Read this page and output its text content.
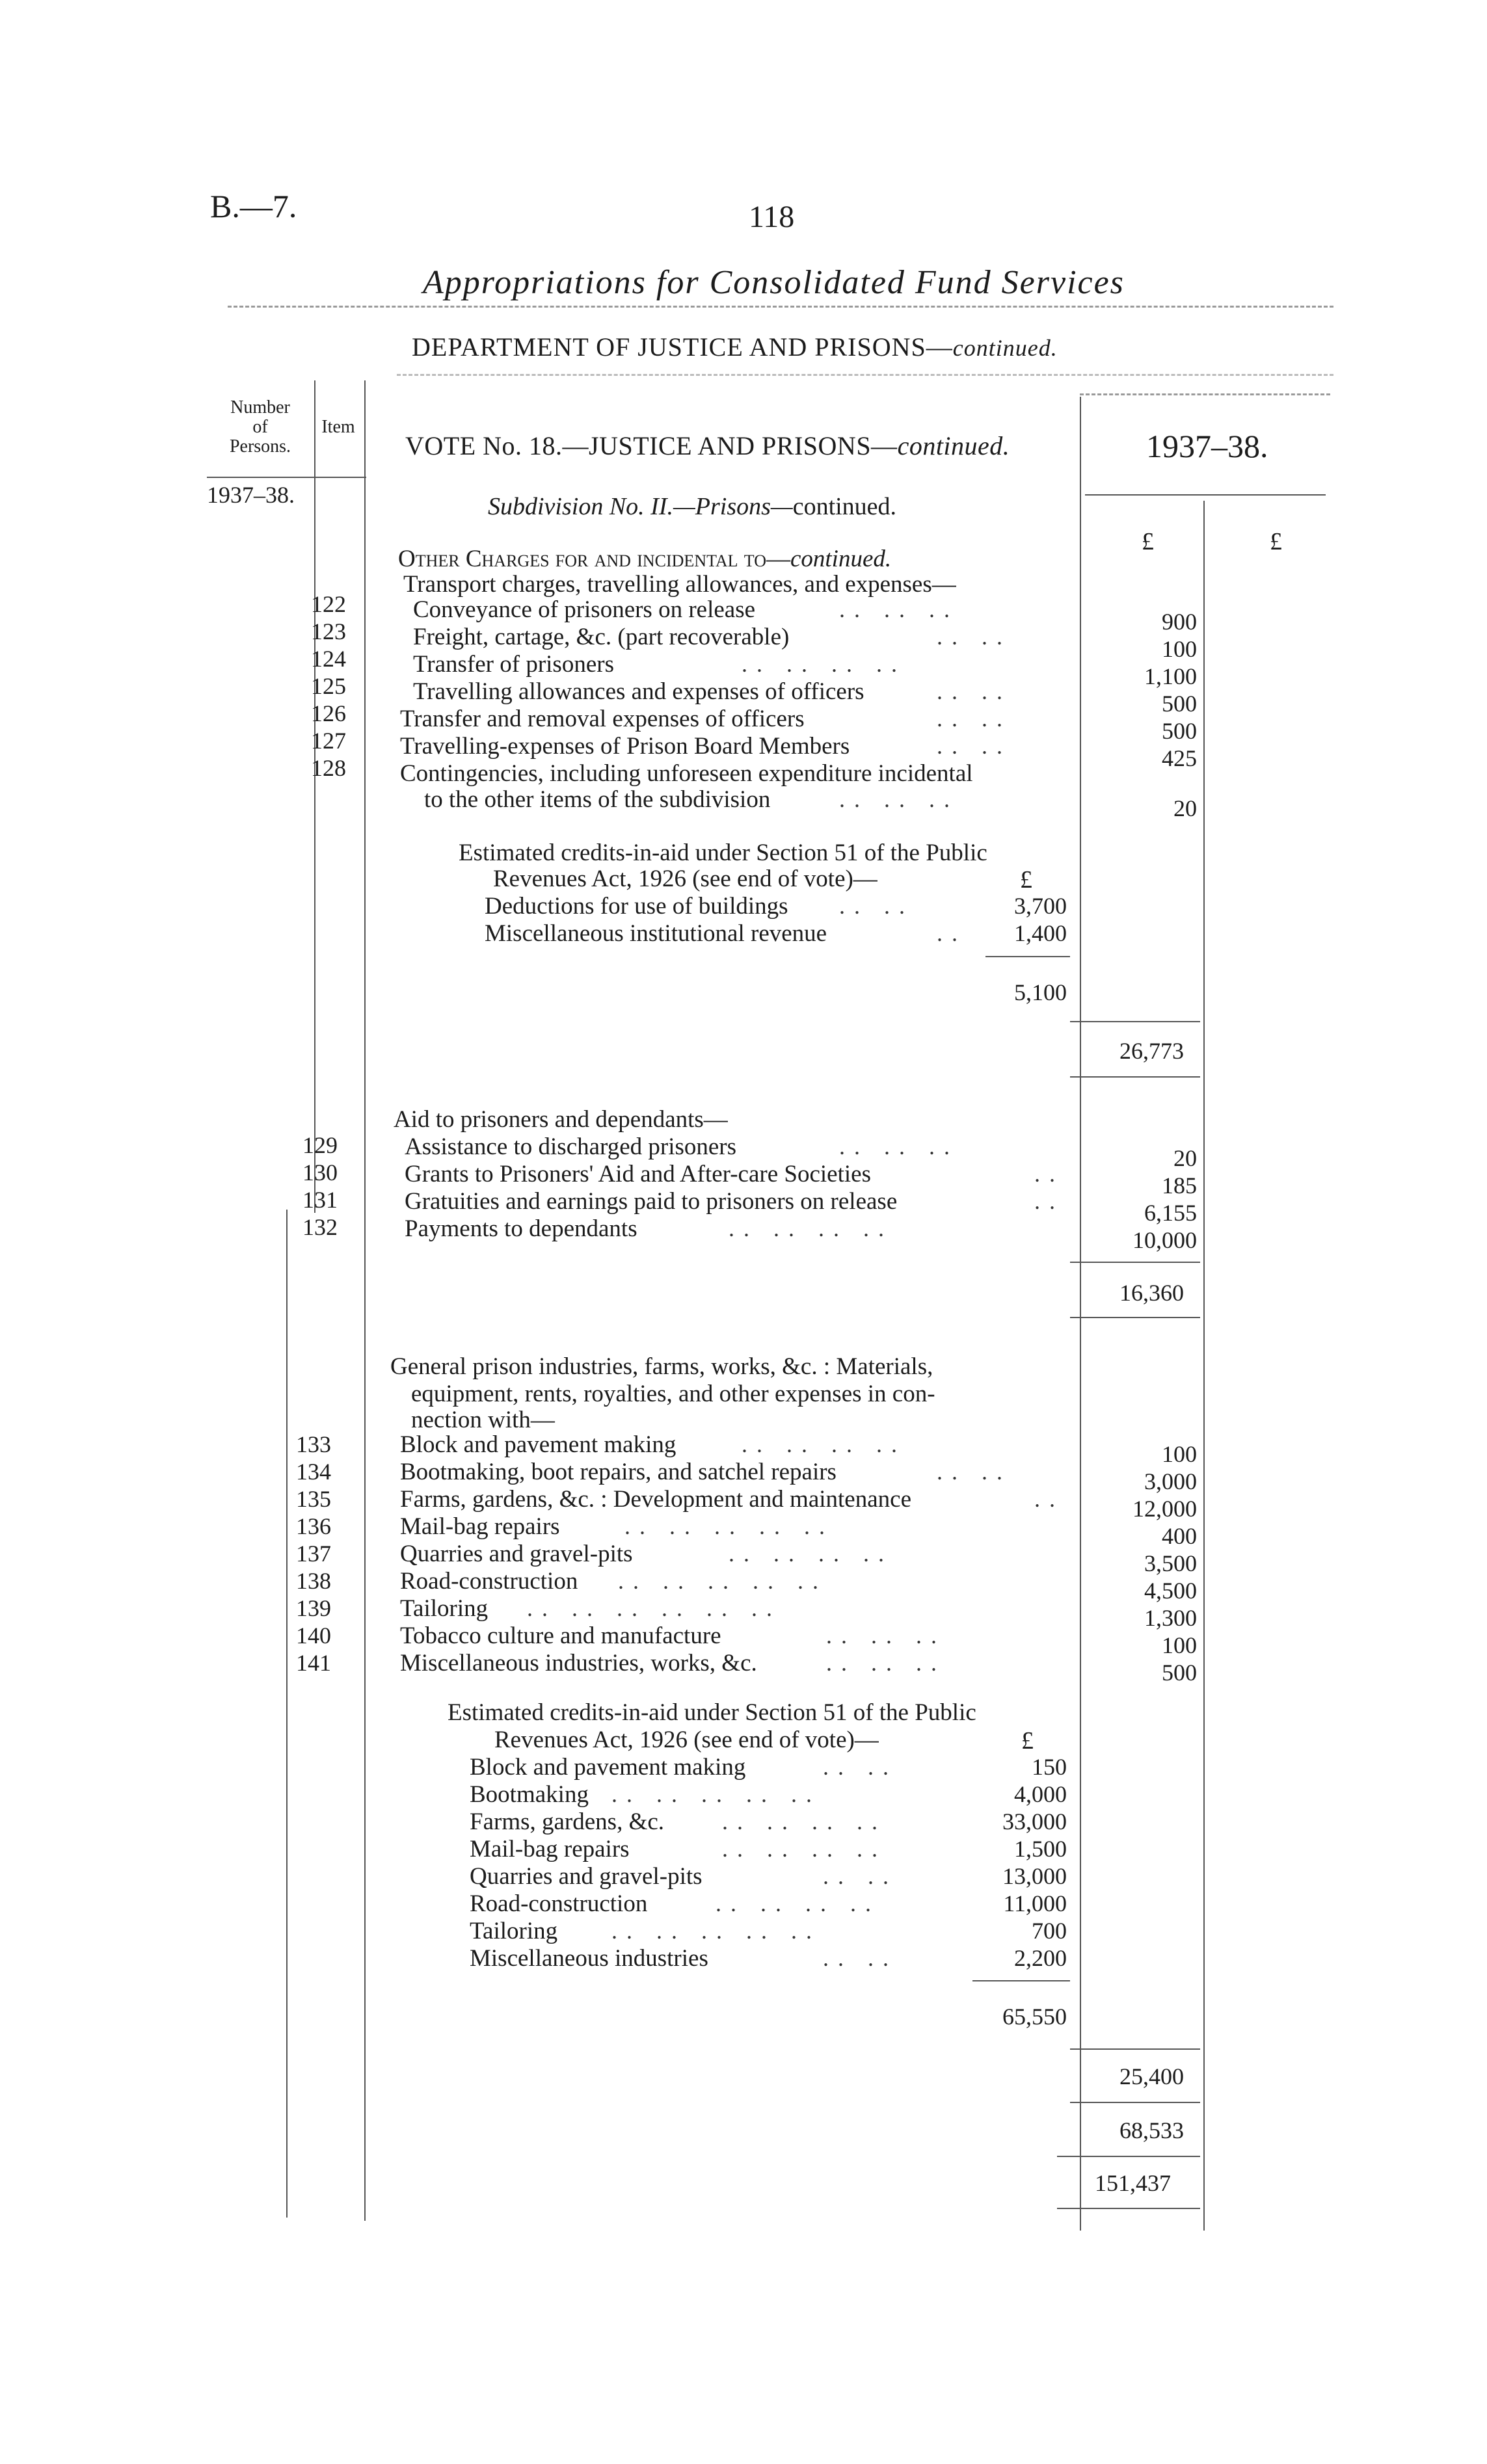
B.—7.	118
Appropriations for Consolidated Fund Services
DEPARTMENT OF JUSTICE AND PRISONS—continued.
Number
of
Persons.
Item
1937–38.
1937–38.
VOTE No. 18.—JUSTICE AND PRISONS—continued.
Subdivision No. II.—Prisons—continued.
£	£
Other Charges for and incidental to—continued.
Transport charges, travelling allowances, and expenses—
122	Conveyance of prisoners on release	.. .. ..	900
123	Freight, cartage, &c. (part recoverable)	.. ..	100
124	Transfer of prisoners	.. .. .. ..	1,100
125	Travelling allowances and expenses of officers	.. ..	500
126 Transfer and removal expenses of officers	.. ..	500
127 Travelling-expenses of Prison Board Members	.. ..	425
128 Contingencies, including unforeseen expenditure incidental
to the other items of the subdivision	.. .. ..	20
Estimated credits-in-aid under Section 51 of the Public
Revenues Act, 1926 (see end of vote)—	£
Deductions for use of buildings .. ..	3,700
Miscellaneous institutional revenue	..	1,400
5,100
26,773
Aid to prisoners and dependants—
129	Assistance to discharged prisoners	.. .. ..	20
130	Grants to Prisoners' Aid and After-care Societies	..	185
131	Gratuities and earnings paid to prisoners on release	..	6,155
132	Payments to dependants	.. .. .. ..	10,000
16,360
General prison industries, farms, works, &c. : Materials,
equipment, rents, royalties, and other expenses in con-
nection with—
133	Block and pavement making	.. .. .. ..	100
134	Bootmaking, boot repairs, and satchel repairs	.. ..	3,000
135	Farms, gardens, &c. : Development and maintenance	..	12,000
136	Mail-bag repairs	.. .. .. .. ..	400
137	Quarries and gravel-pits	.. .. .. ..	3,500
138	Road-construction .. .. .. .. ..	4,500
139	Tailoring .. .. .. .. .. ..	1,300
140	Tobacco culture and manufacture	.. .. ..	100
141	Miscellaneous industries, works, &c.	.. .. ..	500
Estimated credits-in-aid under Section 51 of the Public
Revenues Act, 1926 (see end of vote)—	£
Block and pavement making	.. ..	150
Bootmaking .. .. .. .. ..	4,000
Farms, gardens, &c. .. .. .. ..	33,000
Mail-bag repairs	.. .. .. ..	1,500
Quarries and gravel-pits	.. ..	13,000
Road-construction	.. .. .. ..	11,000
Tailoring .. .. .. .. ..	700
Miscellaneous industries	.. ..	2,200
65,550
25,400
68,533
151,437
